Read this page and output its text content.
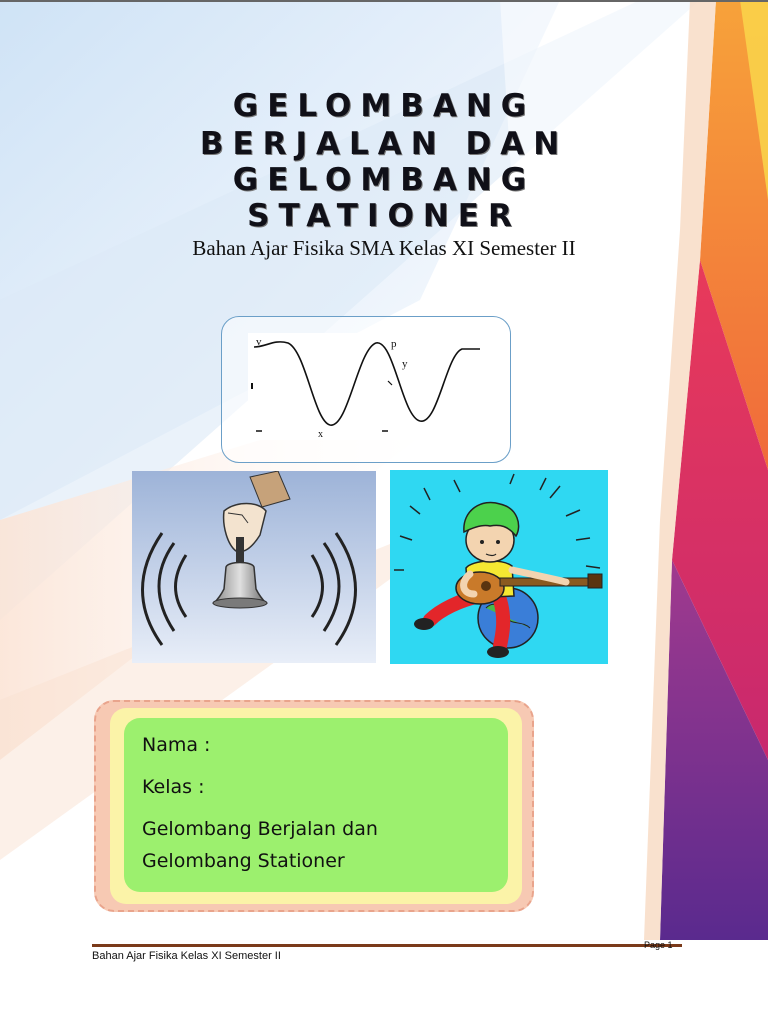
GELOMBANG
BERJALAN DAN
GELOMBANG
STATIONER
Bahan Ajar Fisika SMA Kelas XI Semester II
v	p
y
x
Nama :
Kelas :
Gelombang Berjalan dan
Gelombang Stationer
Bahan Ajar Fisika Kelas XI Semester II
Page 1
